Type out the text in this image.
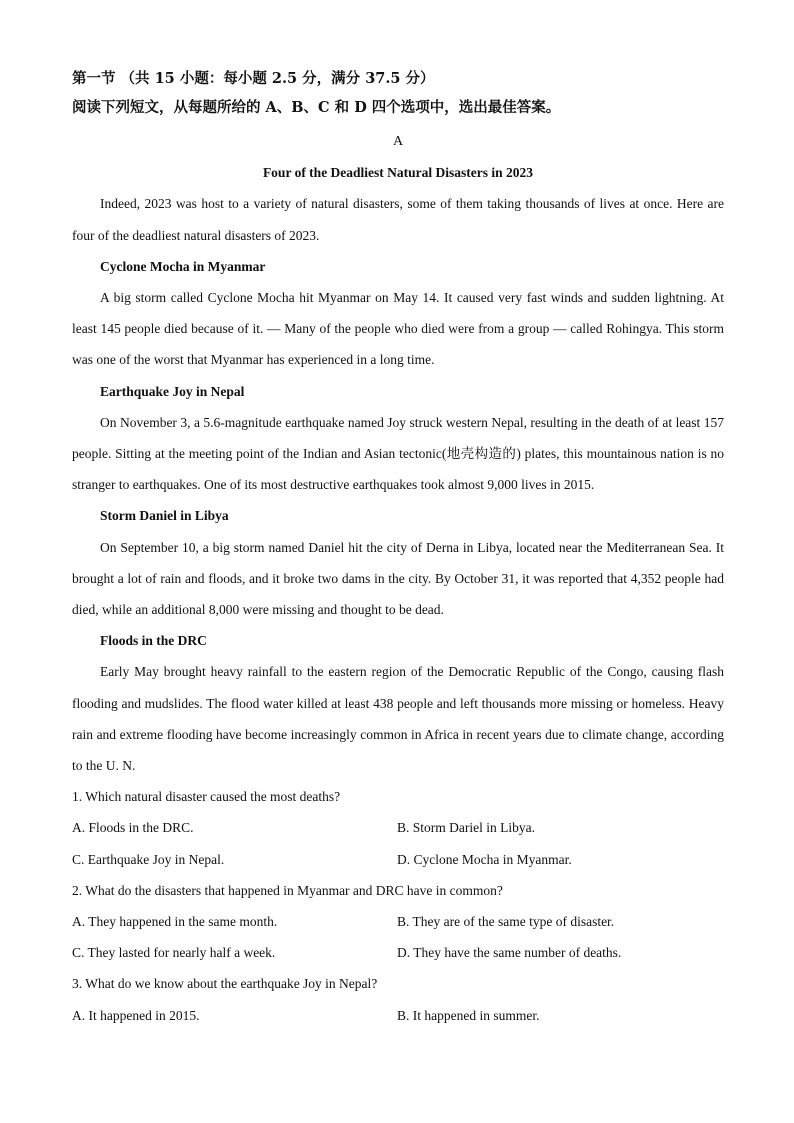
第一节 （共 15 小题：每小题 2.5 分，满分 37.5 分）
阅读下列短文，从每题所给的 A、B、C 和 D 四个选项中，选出最佳答案。
A
Four of the Deadliest Natural Disasters in 2023
Indeed, 2023 was host to a variety of natural disasters, some of them taking thousands of lives at once. Here are four of the deadliest natural disasters of 2023.
Cyclone Mocha in Myanmar
A big storm called Cyclone Mocha hit Myanmar on May 14. It caused very fast winds and sudden lightning. At least 145 people died because of it. — Many of the people who died were from a group — called Rohingya. This storm was one of the worst that Myanmar has experienced in a long time.
Earthquake Joy in Nepal
On November 3, a 5.6-magnitude earthquake named Joy struck western Nepal, resulting in the death of at least 157 people. Sitting at the meeting point of the Indian and Asian tectonic(地壳构造的) plates, this mountainous nation is no stranger to earthquakes. One of its most destructive earthquakes took almost 9,000 lives in 2015.
Storm Daniel in Libya
On September 10, a big storm named Daniel hit the city of Derna in Libya, located near the Mediterranean Sea. It brought a lot of rain and floods, and it broke two dams in the city. By October 31, it was reported that 4,352 people had died, while an additional 8,000 were missing and thought to be dead.
Floods in the DRC
Early May brought heavy rainfall to the eastern region of the Democratic Republic of the Congo, causing flash flooding and mudslides. The flood water killed at least 438 people and left thousands more missing or homeless. Heavy rain and extreme flooding have become increasingly common in Africa in recent years due to climate change, according to the U. N.
1. Which natural disaster caused the most deaths?
A. Floods in the DRC.	B. Storm Dariel in Libya.
C. Earthquake Joy in Nepal.	D. Cyclone Mocha in Myanmar.
2. What do the disasters that happened in Myanmar and DRC have in common?
A. They happened in the same month.	B. They are of the same type of disaster.
C. They lasted for nearly half a week.	D. They have the same number of deaths.
3. What do we know about the earthquake Joy in Nepal?
A. It happened in 2015.	B. It happened in summer.
